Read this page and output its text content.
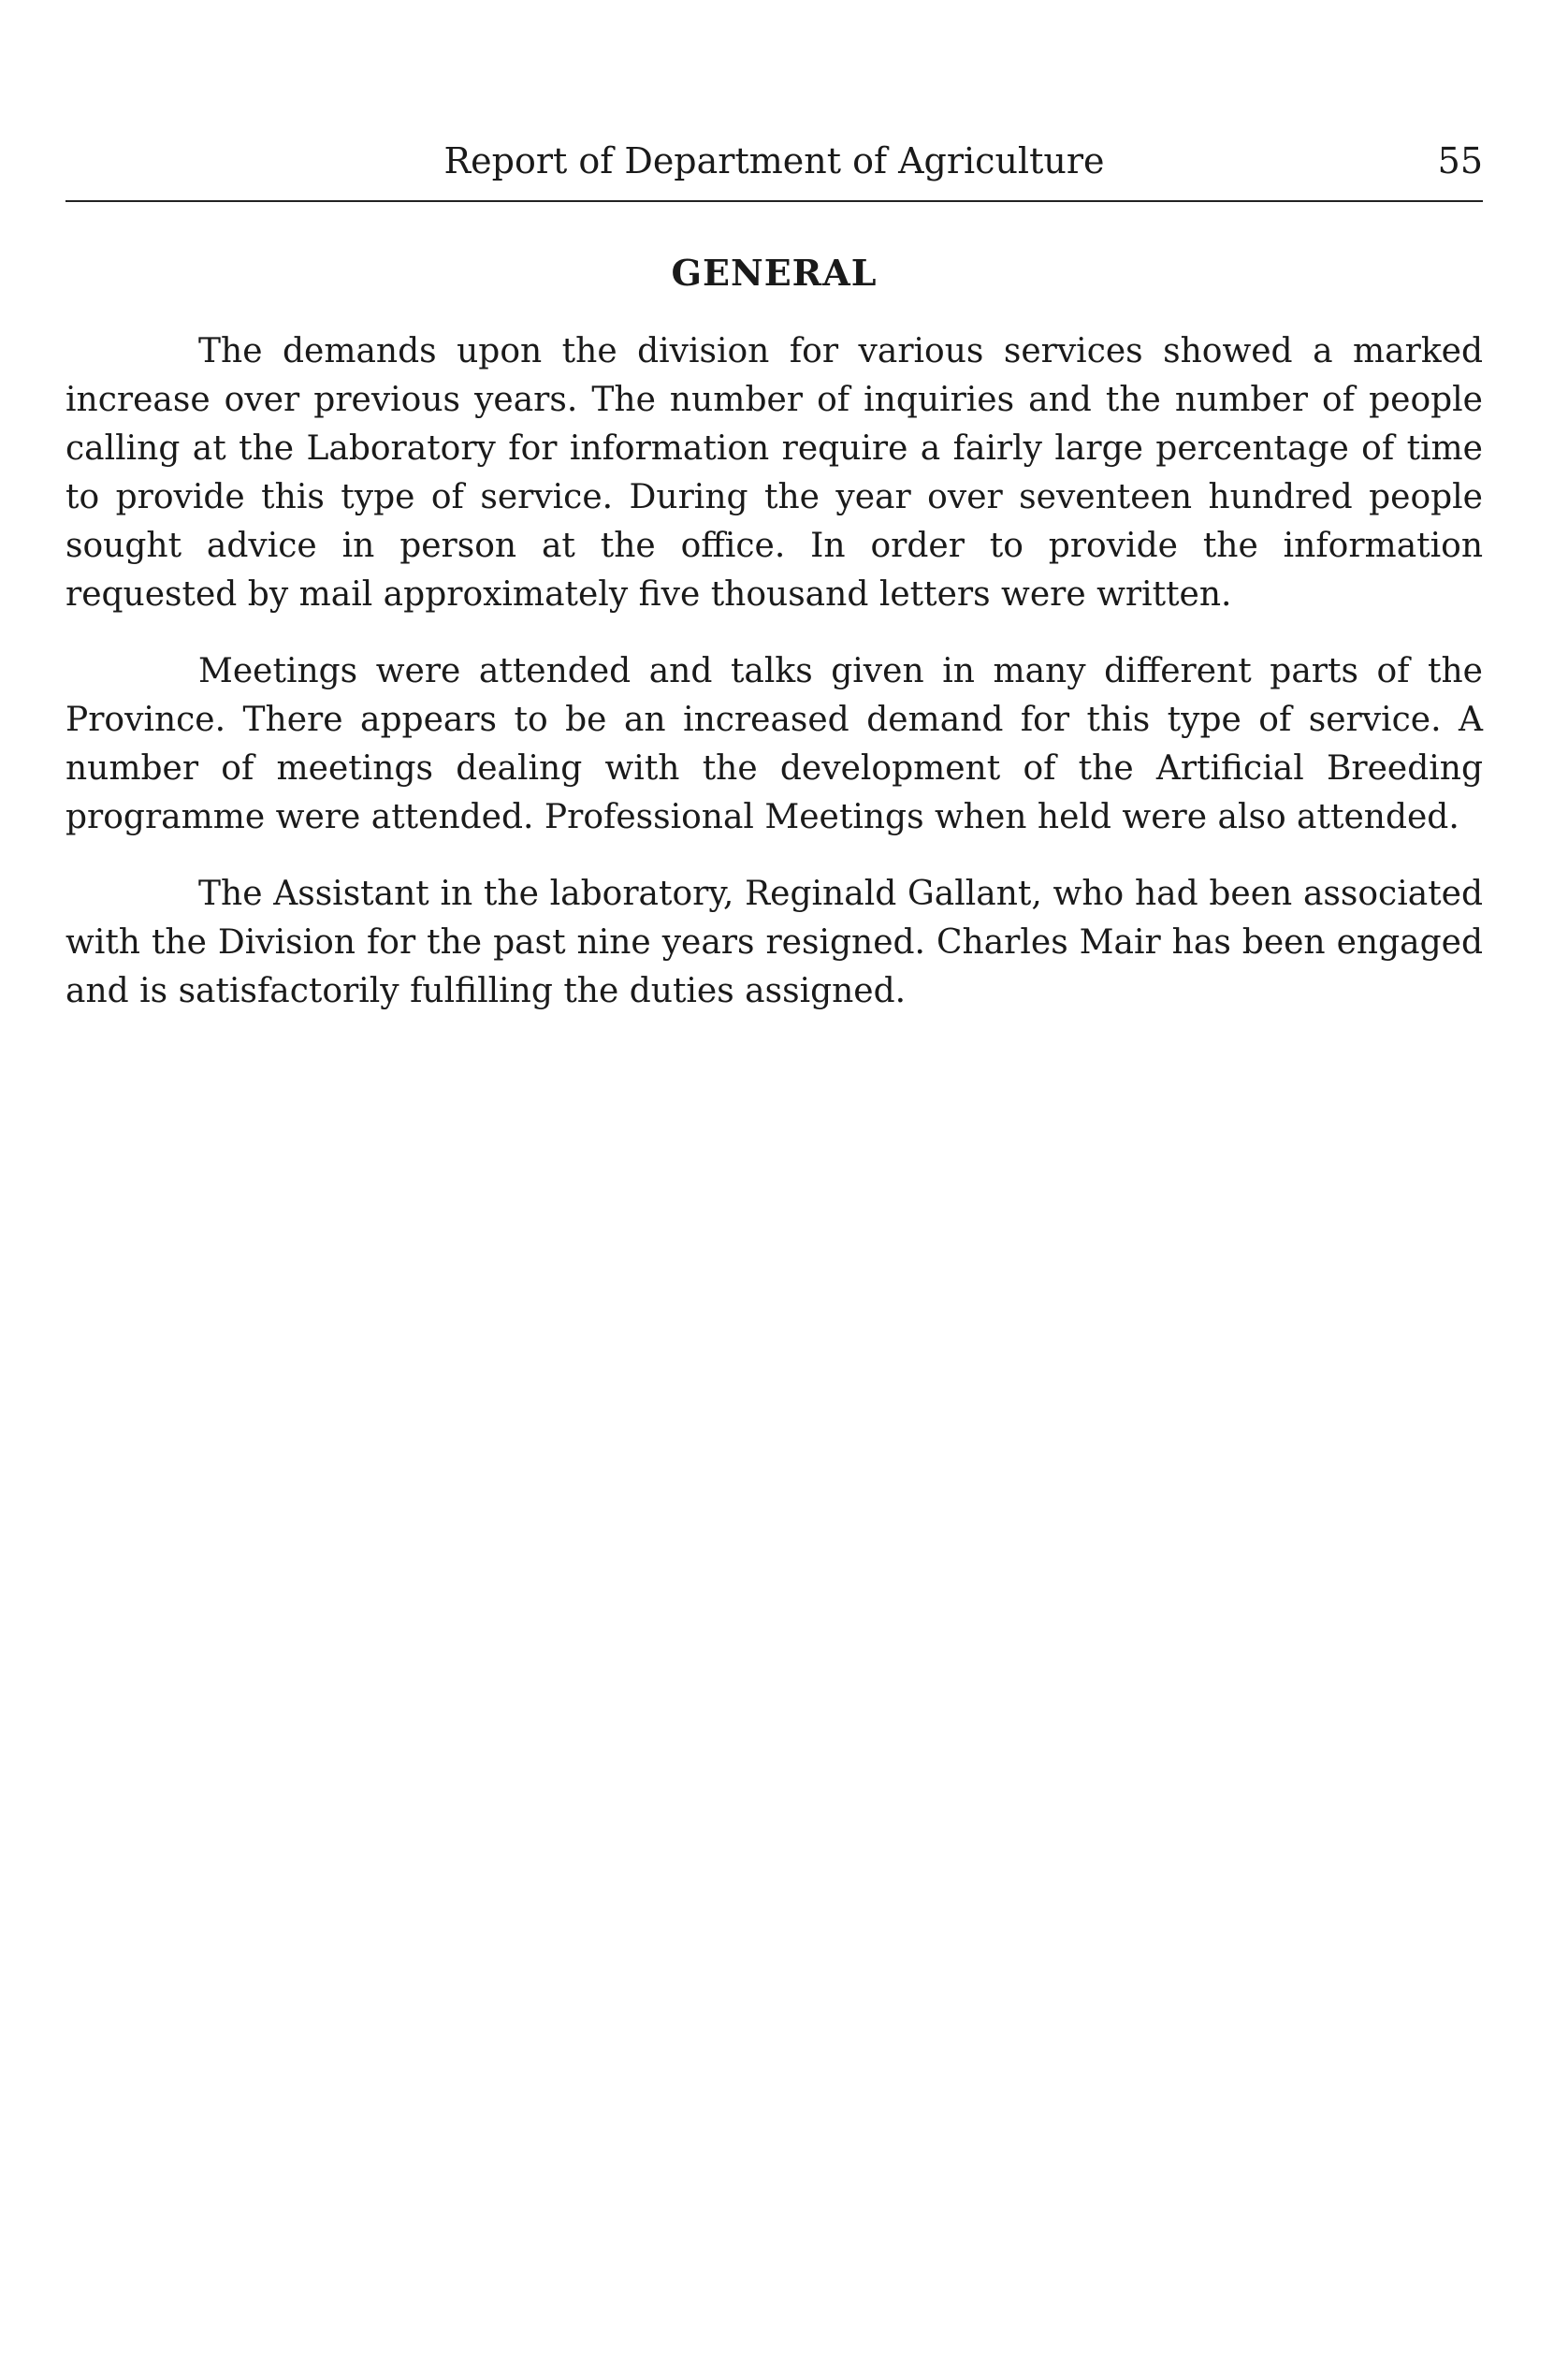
Report of Department of Agriculture	55
GENERAL

The demands upon the division for various services showed a marked increase over previous years. The number of inquiries and the number of people calling at the Laboratory for information require a fairly large percentage of time to provide this type of service. During the year over seventeen hundred people sought advice in person at the office. In order to provide the information requested by mail approximately five thousand letters were written.

Meetings were attended and talks given in many different parts of the Province. There appears to be an increased demand for this type of service. A number of meetings dealing with the development of the Artificial Breeding programme were attended. Professional Meetings when held were also attended.

The Assistant in the laboratory, Reginald Gallant, who had been associated with the Division for the past nine years resigned. Charles Mair has been engaged and is satisfactorily fulfilling the duties assigned.
